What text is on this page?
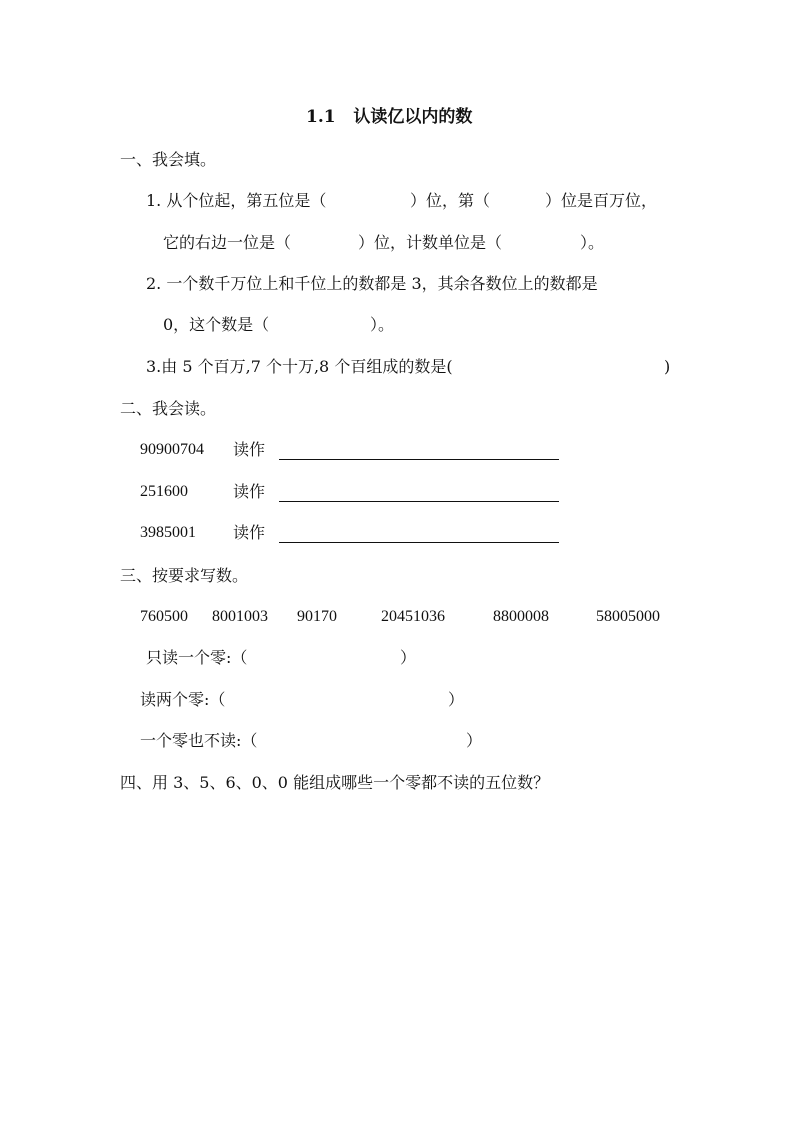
1.1   认读亿以内的数
一、我会填。
1. 从个位起，第五位是（	）位，第（	）位是百万位，
它的右边一位是（	）位，计数单位是（	）。
2. 一个数千万位上和千位上的数都是 3，其余各数位上的数都是
0，这个数是（	）。
3.由 5 个百万,7 个十万,8 个百组成的数是(	)
二、我会读。
90900704 读作
251600	读作
3985001 读作
三、按要求写数。
760500 8001003 90170	20451036	8800008	58005000
只读一个零:（	）
读两个零:（	）
一个零也不读:（	）
四、用 3、5、6、0、0 能组成哪些一个零都不读的五位数？
